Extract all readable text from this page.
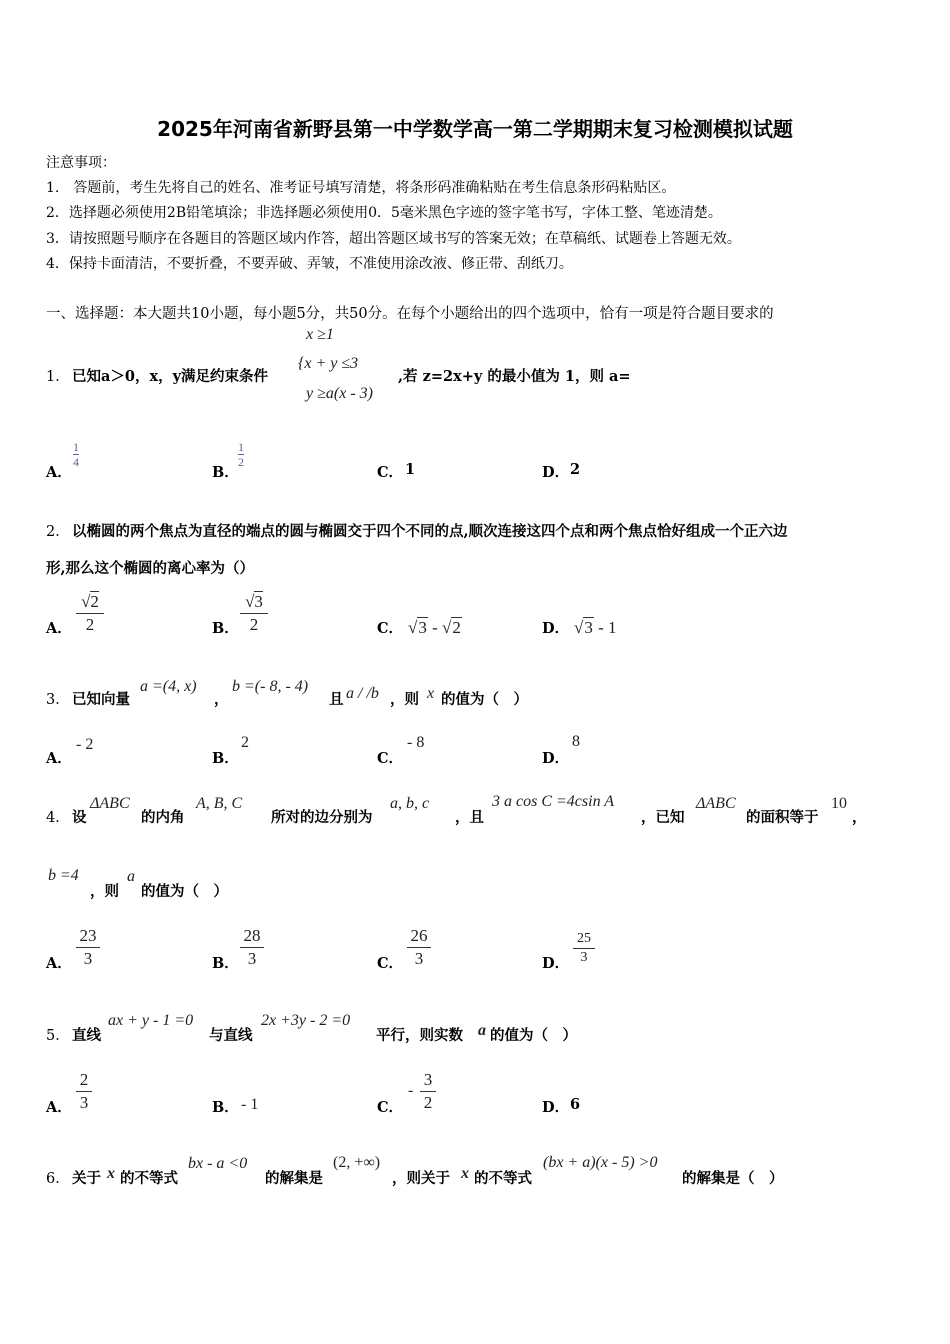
2025年河南省新野县第一中学数学高一第二学期期末复习检测模拟试题
注意事项：
1.　答题前，考生先将自己的姓名、准考证号填写清楚，将条形码准确粘贴在考生信息条形码粘贴区。
2．选择题必须使用2B铅笔填涂；非选择题必须使用0．5毫米黑色字迹的签字笔书写，字体工整、笔迹清楚。
3．请按照题号顺序在各题目的答题区域内作答，超出答题区域书写的答案无效；在草稿纸、试题卷上答题无效。
4．保持卡面清洁，不要折叠，不要弄破、弄皱，不准使用涂改液、修正带、刮纸刀。
一、选择题：本大题共10小题，每小题5分，共50分。在每个小题给出的四个选项中，恰有一项是符合题目要求的
1． 已知a＞0，x，y满足约束条件
x ≥1
{x + y ≤3
y ≥a(x - 3)
,若 z=2x+y 的最小值为 1，则 a=
A．
1
4
B．
1
2
C． 1	D． 2
2． 以椭圆的两个焦点为直径的端点的圆与椭圆交于四个不同的点,顺次连接这四个点和两个焦点恰好组成一个正六边
形,那么这个椭圆的离心率为（）
A．
√2
2	B．
√3
2	C． √3 - √2	D． √3 - 1
3． 已知向量
a =(4, x)
，
b =(- 8, - 4)
且 a / /b ，则 x 的值为（　）
A．
- 2
B．
2
C．
- 8
D．
8
4． 设
ΔABC
的内角
A, B, C
所对的边分别为
a, b, c
，且
3 a cos C =4csin A
，已知
ΔABC
的面积等于
10
，
b =4
，则
a
的值为（　）
A．
23
3	B．
28
3	C．
26
3	D．
25
3
5． 直线
ax + y - 1 =0
与直线
2x +3y - 2 =0
平行，则实数 a 的值为（　）
A．
2
3	B． - 1	C．
-
3
2	D． 6
6． 关于 x 的不等式
bx - a <0
的解集是
(2, +∞)
，则关于 x 的不等式
(bx + a)(x - 5) >0
的解集是（　）
